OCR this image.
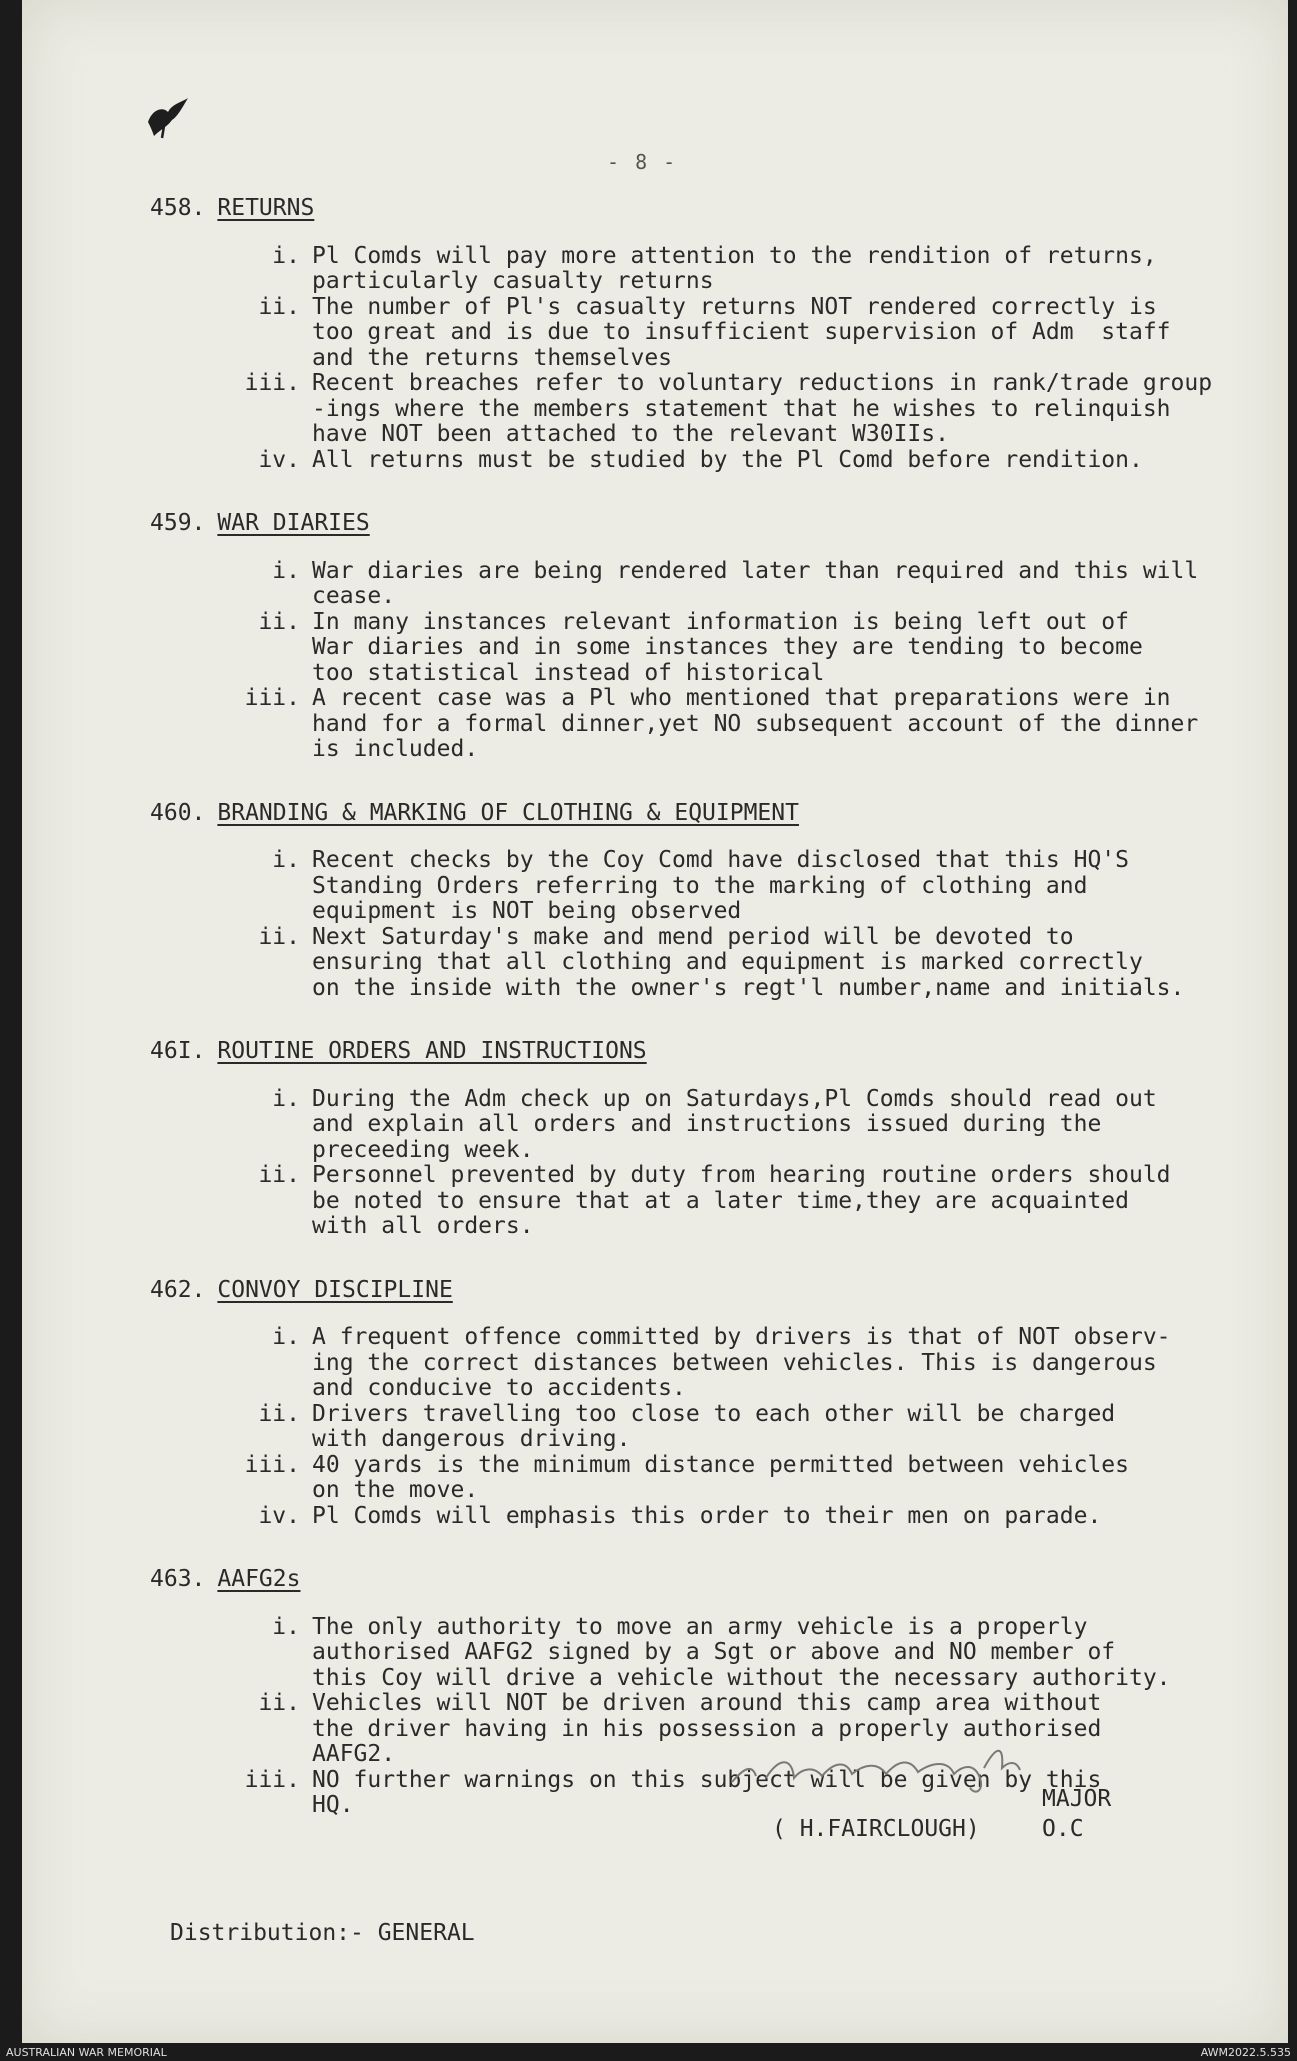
- 8 -
458. RETURNS
i. Pl Comds will pay more attention to the rendition of returns,
particularly casualty returns
ii. The number of Pl's casualty returns NOT rendered correctly is
too great and is due to insufficient supervision of Adm  staff
and the returns themselves
iii. Recent breaches refer to voluntary reductions in rank/trade group
-ings where the members statement that he wishes to relinquish
have NOT been attached to the relevant W30IIs.
iv. All returns must be studied by the Pl Comd before rendition.
459. WAR DIARIES
i. War diaries are being rendered later than required and this will
cease.
ii. In many instances relevant information is being left out of
War diaries and in some instances they are tending to become
too statistical instead of historical
iii. A recent case was a Pl who mentioned that preparations were in
hand for a formal dinner,yet NO subsequent account of the dinner
is included.
460. BRANDING & MARKING OF CLOTHING & EQUIPMENT
i. Recent checks by the Coy Comd have disclosed that this HQ'S
Standing Orders referring to the marking of clothing and
equipment is NOT being observed
ii. Next Saturday's make and mend period will be devoted to
ensuring that all clothing and equipment is marked correctly
on the inside with the owner's regt'l number,name and initials.
46I. ROUTINE ORDERS AND INSTRUCTIONS
i. During the Adm check up on Saturdays,Pl Comds should read out
and explain all orders and instructions issued during the
preceeding week.
ii. Personnel prevented by duty from hearing routine orders should
be noted to ensure that at a later time,they are acquainted
with all orders.
462. CONVOY DISCIPLINE
i. A frequent offence committed by drivers is that of NOT observ-
ing the correct distances between vehicles. This is dangerous
and conducive to accidents.
ii. Drivers travelling too close to each other will be charged
with dangerous driving.
iii. 40 yards is the minimum distance permitted between vehicles
on the move.
iv. Pl Comds will emphasis this order to their men on parade.
463. AAFG2s
i. The only authority to move an army vehicle is a properly
authorised AAFG2 signed by a Sgt or above and NO member of
this Coy will drive a vehicle without the necessary authority.
ii. Vehicles will NOT be driven around this camp area without
the driver having in his possession a properly authorised
AAFG2.
iii. NO further warnings on this subject will be given by this
HQ.	MAJOR
( H.FAIRCLOUGH)	O.C
Distribution:- GENERAL
AUSTRALIAN WAR MEMORIAL	AWM2022.5.535
